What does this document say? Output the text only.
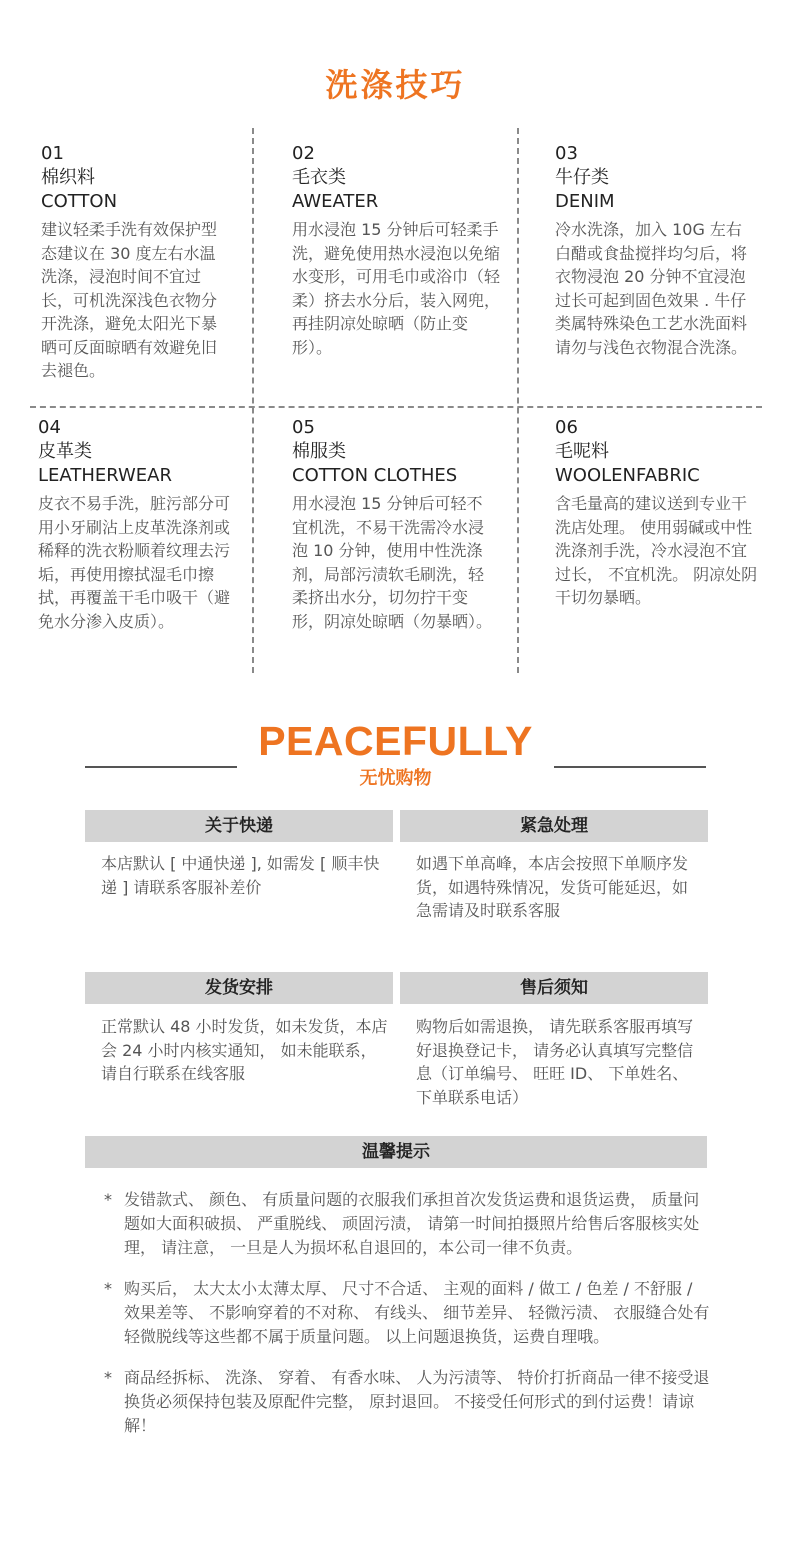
洗涤技巧
01
棉织料
COTTON
建议轻柔手洗有效保护型态建议在 30 度左右水温洗涤，浸泡时间不宜过长，可机洗深浅色衣物分开洗涤，避免太阳光下暴晒可反面晾晒有效避免旧去褪色。
02
毛衣类
AWEATER
用水浸泡 15 分钟后可轻柔手洗，避免使用热水浸泡以免缩水变形，可用毛巾或浴巾（轻柔）挤去水分后，装入网兜，再挂阴凉处晾晒（防止变形）。
03
牛仔类
DENIM
冷水洗涤，加入 10G 左右白醋或食盐搅拌均匀后，将衣物浸泡 20 分钟不宜浸泡过长可起到固色效果 . 牛仔类属特殊染色工艺水洗面料请勿与浅色衣物混合洗涤。
04
皮革类
LEATHERWEAR
皮衣不易手洗，脏污部分可用小牙刷沾上皮革洗涤剂或稀释的洗衣粉顺着纹理去污垢，再使用擦拭湿毛巾擦拭，再覆盖干毛巾吸干（避免水分渗入皮质）。
05
棉服类
COTTON CLOTHES
用水浸泡 15 分钟后可轻不宜机洗，不易干洗需冷水浸泡 10 分钟，使用中性洗涤剂，局部污渍软毛刷洗，轻柔挤出水分，切勿拧干变形，阴凉处晾晒（勿暴晒）。
06
毛呢料
WOOLENFABRIC
含毛量高的建议送到专业干洗店处理。 使用弱碱或中性洗涤剂手洗，冷水浸泡不宜过长， 不宜机洗。 阴凉处阴干切勿暴晒。
PEACEFULLY
无忧购物
关于快递	紧急处理
本店默认 [ 中通快递 ], 如需发 [ 顺丰快递 ] 请联系客服补差价
如遇下单高峰，本店会按照下单顺序发货，如遇特殊情况，发货可能延迟，如急需请及时联系客服
发货安排	售后须知
正常默认 48 小时发货，如未发货，本店会 24 小时内核实通知， 如未能联系， 请自行联系在线客服
购物后如需退换， 请先联系客服再填写好退换登记卡， 请务必认真填写完整信息（订单编号、 旺旺 ID、 下单姓名、 下单联系电话）
温馨提示
* 发错款式、 颜色、 有质量问题的衣服我们承担首次发货运费和退货运费， 质量问题如大面积破损、 严重脱线、 顽固污渍， 请第一时间拍摄照片给售后客服核实处理， 请注意， 一旦是人为损坏私自退回的，本公司一律不负责。
* 购买后， 太大太小太薄太厚、 尺寸不合适、 主观的面料 / 做工 / 色差 / 不舒服 / 效果差等、 不影响穿着的不对称、 有线头、 细节差异、 轻微污渍、 衣服缝合处有轻微脱线等这些都不属于质量问题。 以上问题退换货，运费自理哦。
* 商品经拆标、 洗涤、 穿着、 有香水味、 人为污渍等、 特价打折商品一律不接受退换货必须保持包装及原配件完整， 原封退回。 不接受任何形式的到付运费！请谅解！
